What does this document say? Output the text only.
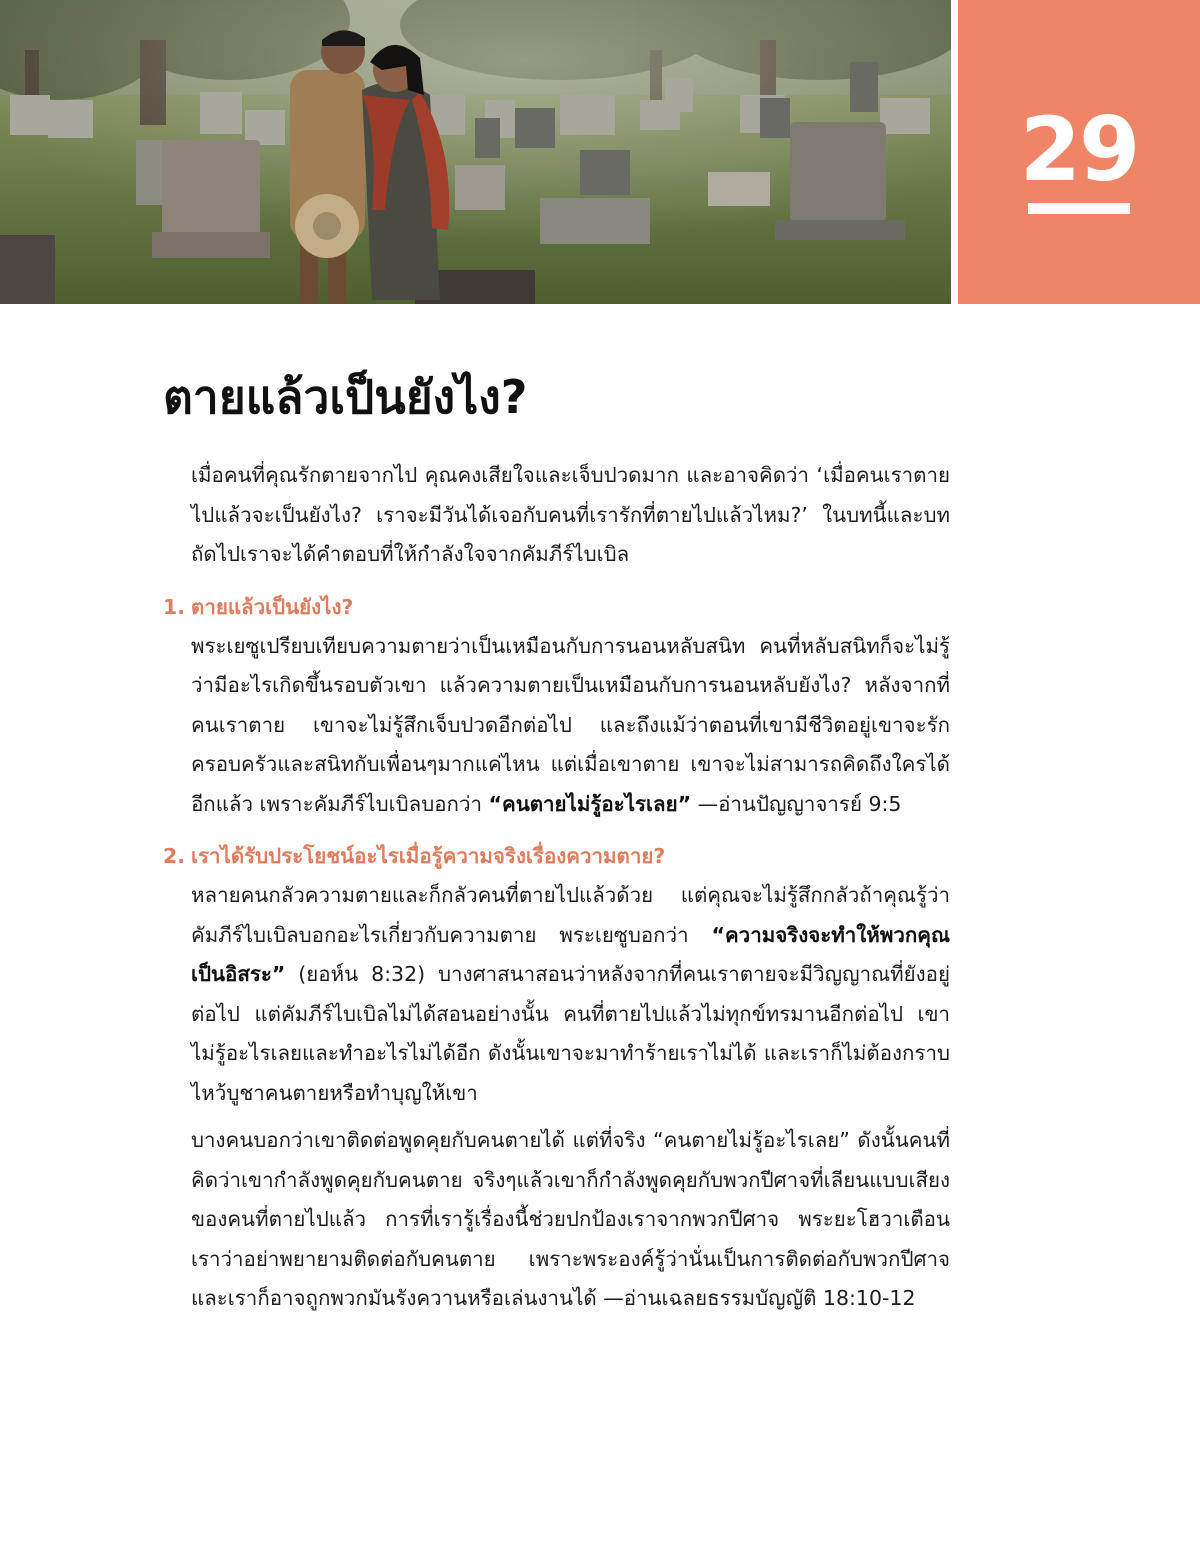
29
ตายแล้วเป็นยังไง?

เมื่อคนที่คุณรักตายจากไป คุณคงเสียใจและเจ็บปวดมาก และอาจคิดว่า ‘เมื่อคนเราตายไปแล้วจะเป็นยังไง? เราจะมีวันได้เจอกับคนที่เรารักที่ตายไปแล้วไหม?’ ในบทนี้และบทถัดไปเราจะได้คำตอบที่ให้กำลังใจจากคัมภีร์ไบเบิล

1. ตายแล้วเป็นยังไง?

พระเยซูเปรียบเทียบความตายว่าเป็นเหมือนกับการนอนหลับสนิท คนที่หลับสนิทก็จะไม่รู้ว่ามีอะไรเกิดขึ้นรอบตัวเขา แล้วความตายเป็นเหมือนกับการนอนหลับยังไง? หลังจากที่คนเราตาย เขาจะไม่รู้สึกเจ็บปวดอีกต่อไป และถึงแม้ว่าตอนที่เขามีชีวิตอยู่เขาจะรักครอบครัวและสนิทกับเพื่อนๆมากแค่ไหน แต่เมื่อเขาตาย เขาจะไม่สามารถคิดถึงใครได้อีกแล้ว เพราะคัมภีร์ไบเบิลบอกว่า “คนตายไม่รู้อะไรเลย” —อ่านปัญญาจารย์ 9:5

2. เราได้รับประโยชน์อะไรเมื่อรู้ความจริงเรื่องความตาย?

หลายคนกลัวความตายและก็กลัวคนที่ตายไปแล้วด้วย แต่คุณจะไม่รู้สึกกลัวถ้าคุณรู้ว่าคัมภีร์ไบเบิลบอกอะไรเกี่ยวกับความตาย พระเยซูบอกว่า “ความจริงจะทำให้พวกคุณเป็นอิสระ” (ยอห์น 8:32) บางศาสนาสอนว่าหลังจากที่คนเราตายจะมีวิญญาณที่ยังอยู่ต่อไป แต่คัมภีร์ไบเบิลไม่ได้สอนอย่างนั้น คนที่ตายไปแล้วไม่ทุกข์ทรมานอีกต่อไป เขาไม่รู้อะไรเลยและทำอะไรไม่ได้อีก ดังนั้นเขาจะมาทำร้ายเราไม่ได้ และเราก็ไม่ต้องกราบไหว้บูชาคนตายหรือทำบุญให้เขา

บางคนบอกว่าเขาติดต่อพูดคุยกับคนตายได้ แต่ที่จริง “คนตายไม่รู้อะไรเลย” ดังนั้นคนที่คิดว่าเขากำลังพูดคุยกับคนตาย จริงๆแล้วเขาก็กำลังพูดคุยกับพวกปีศาจที่เลียนแบบเสียงของคนที่ตายไปแล้ว การที่เรารู้เรื่องนี้ช่วยปกป้องเราจากพวกปีศาจ พระยะโฮวาเตือนเราว่าอย่าพยายามติดต่อกับคนตาย เพราะพระองค์รู้ว่านั่นเป็นการติดต่อกับพวกปีศาจ และเราก็อาจถูกพวกมันรังควานหรือเล่นงานได้ —อ่านเฉลยธรรมบัญญัติ 18:10-12
